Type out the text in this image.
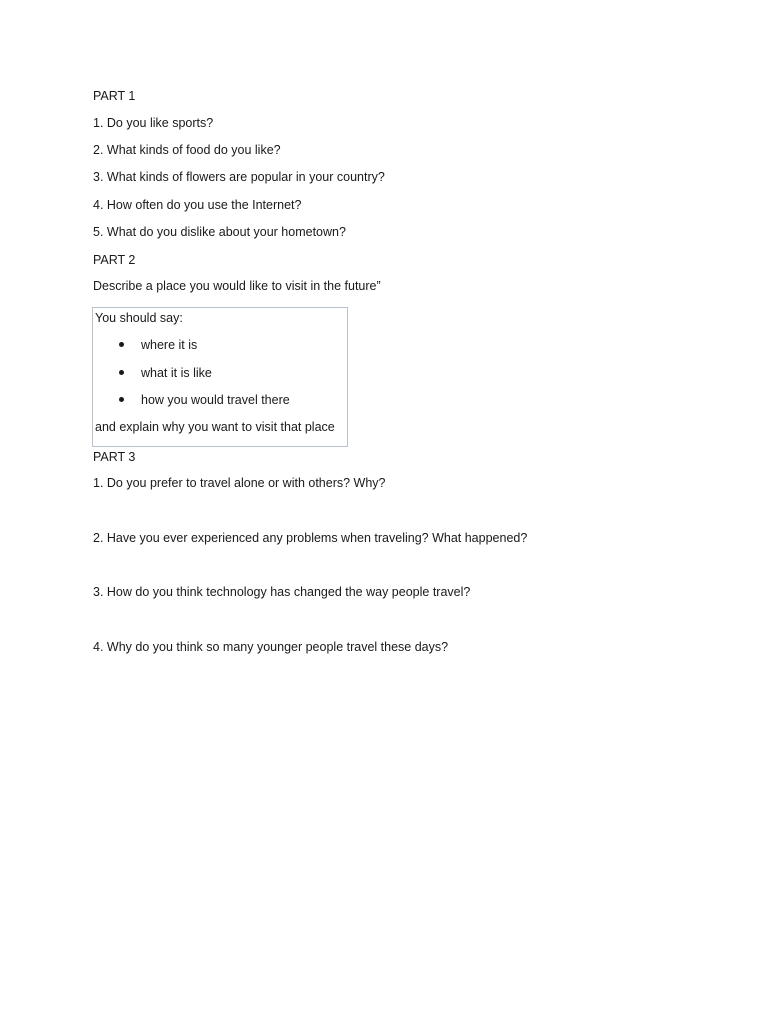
PART 1
1. Do you like sports?
2. What kinds of food do you like?
3. What kinds of flowers are popular in your country?
4. How often do you use the Internet?
5. What do you dislike about your hometown?
PART 2
Describe a place you would like to visit in the future”
You should say:
where it is
what it is like
how you would travel there
and explain why you want to visit that place
PART 3
1. Do you prefer to travel alone or with others? Why?
2. Have you ever experienced any problems when traveling? What happened?
3. How do you think technology has changed the way people travel?
4. Why do you think so many younger people travel these days?
